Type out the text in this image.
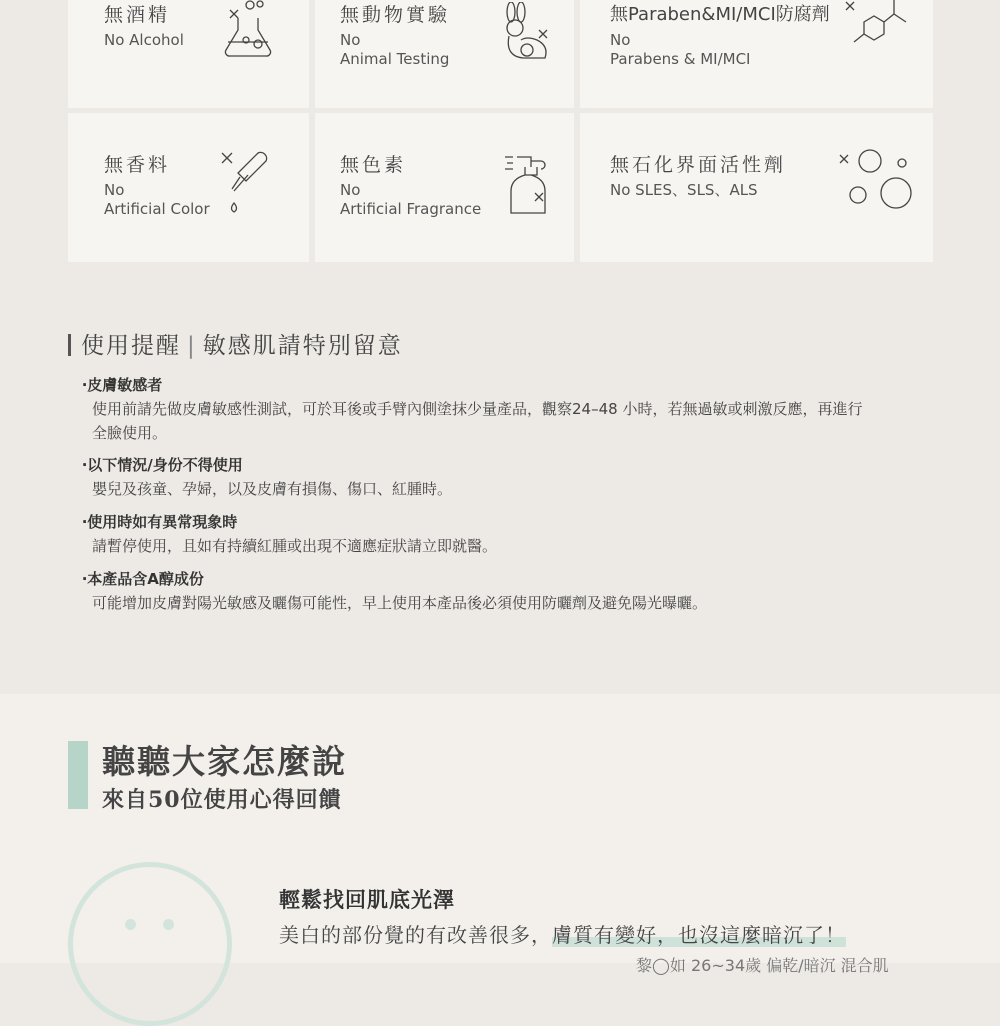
無酒精
No Alcohol
無動物實驗
No
Animal Testing
無Paraben&MI/MCI防腐劑
No
Parabens & MI/MCI
無香料
No
Artificial Color
無色素
No
Artificial Fragrance
無石化界面活性劑
No SLES、SLS、ALS
使用提醒 | 敏感肌請特別留意
‧皮膚敏感者
使用前請先做皮膚敏感性測試，可於耳後或手臂內側塗抹少量產品，觀察24–48 小時，若無過敏或刺激反應，再進行全臉使用。
‧以下情況/身份不得使用
嬰兒及孩童、孕婦，以及皮膚有損傷、傷口、紅腫時。
‧使用時如有異常現象時
請暫停使用，且如有持續紅腫或出現不適應症狀請立即就醫。
‧本產品含A醇成份
可能增加皮膚對陽光敏感及曬傷可能性，早上使用本產品後必須使用防曬劑及避免陽光曝曬。
聽聽大家怎麼說
來自50位使用心得回饋
輕鬆找回肌底光澤
美白的部份覺的有改善很多，膚質有變好，也沒這麼暗沉了！
黎◯如 26~34歲 偏乾/暗沉 混合肌
